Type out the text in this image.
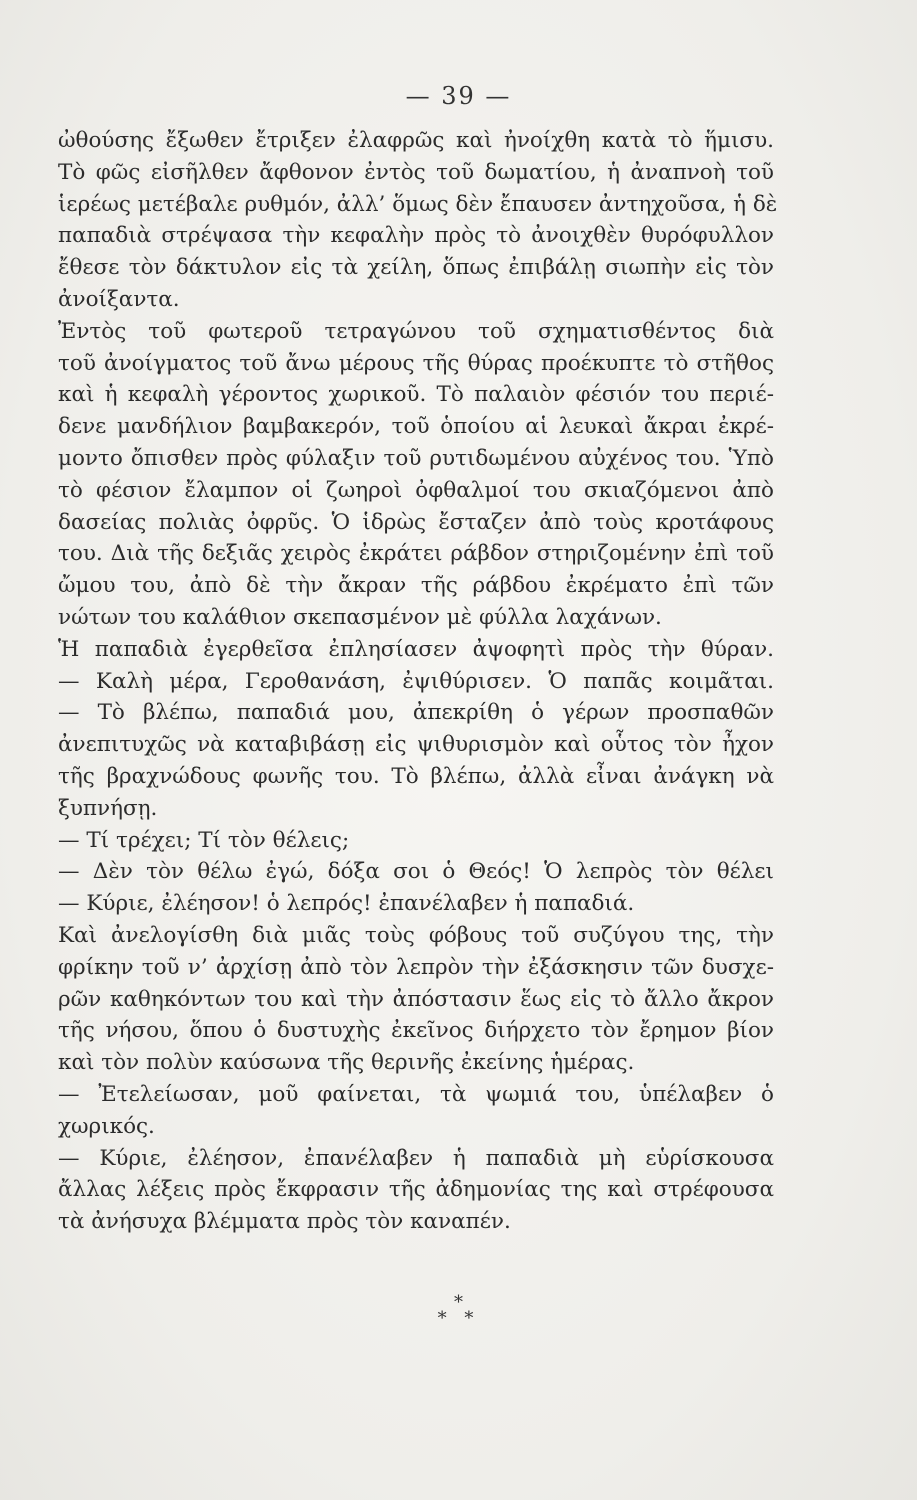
— 39 —
ὠθούσης ἔξωθεν ἔτριξεν ἐλαφρῶς καὶ ἠνοίχθη κατὰ τὸ ἥμισυ.
Τὸ φῶς εἰσῆλθεν ἄφθονον ἐντὸς τοῦ δωματίου, ἡ ἀναπνοὴ τοῦ
ἱερέως μετέβαλε ρυθμόν, ἀλλ’ ὅμως δὲν ἔπαυσεν ἀντηχοῦσα, ἡ δὲ
παπαδιὰ στρέψασα τὴν κεφαλὴν πρὸς τὸ ἀνοιχθὲν θυρόφυλλον
ἔθεσε τὸν δάκτυλον εἰς τὰ χείλη, ὅπως ἐπιβάλῃ σιωπὴν εἰς τὸν
ἀνοίξαντα.
Ἐντὸς τοῦ φωτεροῦ τετραγώνου τοῦ σχηματισθέντος διὰ
τοῦ ἀνοίγματος τοῦ ἄνω μέρους τῆς θύρας προέκυπτε τὸ στῆθος
καὶ ἡ κεφαλὴ γέροντος χωρικοῦ. Τὸ παλαιὸν φέσιόν του περιέ-
δενε μανδήλιον βαμβακερόν, τοῦ ὁποίου αἱ λευκαὶ ἄκραι ἐκρέ-
μοντο ὄπισθεν πρὸς φύλαξιν τοῦ ρυτιδωμένου αὐχένος του. Ὑπὸ
τὸ φέσιον ἔλαμπον οἱ ζωηροὶ ὀφθαλμοί του σκιαζόμενοι ἀπὸ
δασείας πολιὰς ὀφρῦς. Ὁ ἱδρὼς ἔσταζεν ἀπὸ τοὺς κροτάφους
του. Διὰ τῆς δεξιᾶς χειρὸς ἐκράτει ράβδον στηριζομένην ἐπὶ τοῦ
ὤμου του, ἀπὸ δὲ τὴν ἄκραν τῆς ράβδου ἐκρέματο ἐπὶ τῶν
νώτων του καλάθιον σκεπασμένον μὲ φύλλα λαχάνων.
Ἡ παπαδιὰ ἐγερθεῖσα ἐπλησίασεν ἀψοφητὶ πρὸς τὴν θύραν.
— Καλὴ μέρα, Γεροθανάση, ἐψιθύρισεν. Ὁ παπᾶς κοιμᾶται.
— Τὸ βλέπω, παπαδιά μου, ἀπεκρίθη ὁ γέρων προσπαθῶν
ἀνεπιτυχῶς νὰ καταβιβάσῃ εἰς ψιθυρισμὸν καὶ οὗτος τὸν ἦχον
τῆς βραχνώδους φωνῆς του. Τὸ βλέπω, ἀλλὰ εἶναι ἀνάγκη νὰ
ξυπνήσῃ.
— Τί τρέχει; Τί τὸν θέλεις;
— Δὲν τὸν θέλω ἐγώ, δόξα σοι ὁ Θεός! Ὁ λεπρὸς τὸν θέλει
— Κύριε, ἐλέησον! ὁ λεπρός! ἐπανέλαβεν ἡ παπαδιά.
Καὶ ἀνελογίσθη διὰ μιᾶς τοὺς φόβους τοῦ συζύγου της, τὴν
φρίκην τοῦ ν’ ἀρχίσῃ ἀπὸ τὸν λεπρὸν τὴν ἐξάσκησιν τῶν δυσχε-
ρῶν καθηκόντων του καὶ τὴν ἀπόστασιν ἕως εἰς τὸ ἄλλο ἄκρον
τῆς νήσου, ὅπου ὁ δυστυχὴς ἐκεῖνος διήρχετο τὸν ἔρημον βίον
καὶ τὸν πολὺν καύσωνα τῆς θερινῆς ἐκείνης ἡμέρας.
— Ἐτελείωσαν, μοῦ φαίνεται, τὰ ψωμιά του, ὑπέλαβεν ὁ
χωρικός.
— Κύριε, ἐλέησον, ἐπανέλαβεν ἡ παπαδιὰ μὴ εὑρίσκουσα
ἄλλας λέξεις πρὸς ἔκφρασιν τῆς ἀδημονίας της καὶ στρέφουσα
τὰ ἀνήσυχα βλέμματα πρὸς τὸν καναπέν.
*
* *
